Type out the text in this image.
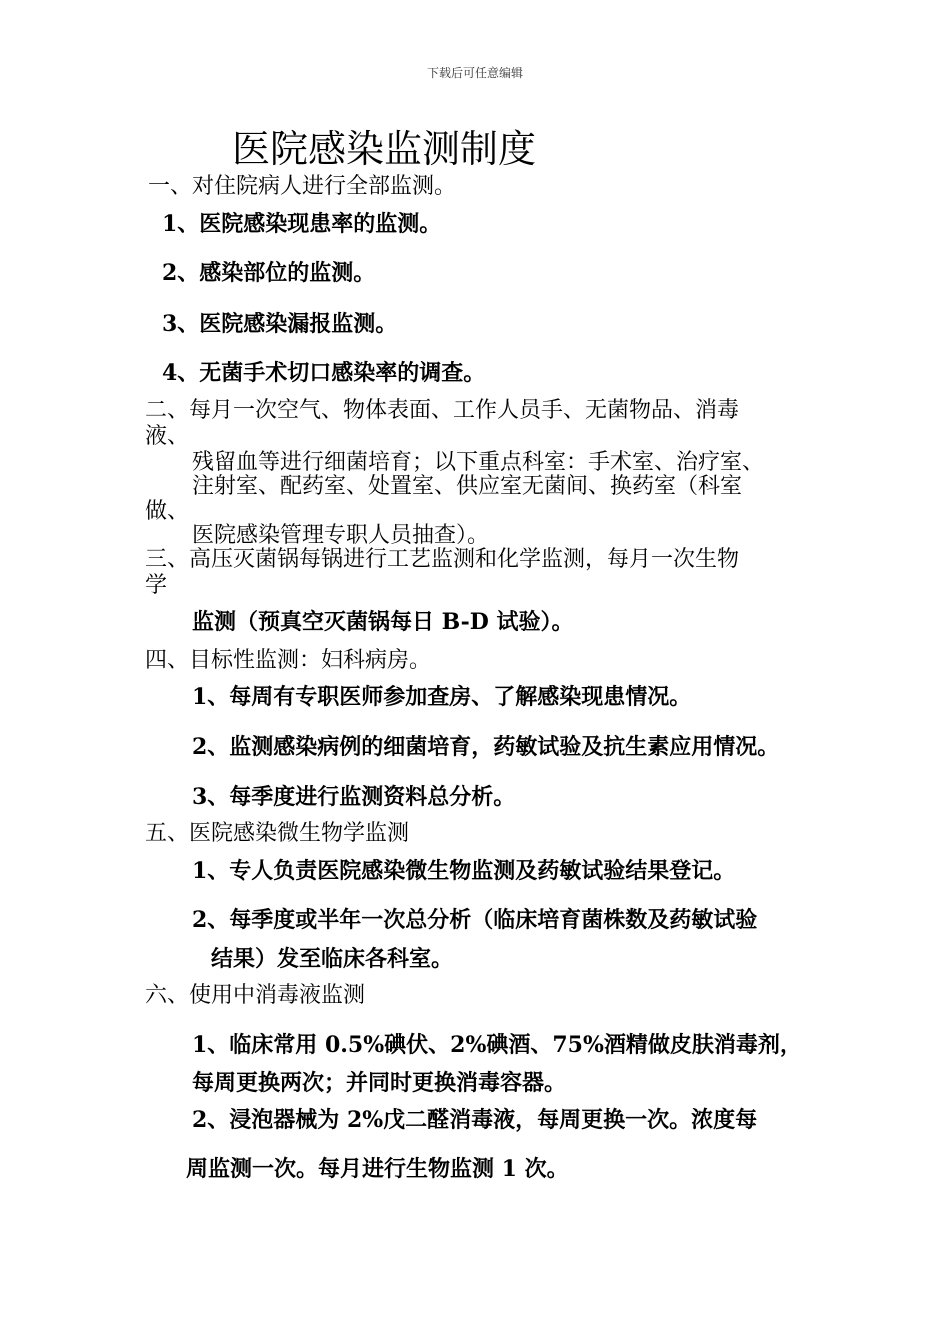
下载后可任意编辑
医院感染监测制度
一、对住院病人进行全部监测。
1、医院感染现患率的监测。
2、感染部位的监测。
3、医院感染漏报监测。
4、无菌手术切口感染率的调查。
二、每月一次空气、物体表面、工作人员手、无菌物品、消毒
液、
残留血等进行细菌培育；以下重点科室：手术室、治疗室、
注射室、配药室、处置室、供应室无菌间、换药室（科室
做、
医院感染管理专职人员抽查）。
三、高压灭菌锅每锅进行工艺监测和化学监测，每月一次生物
学
监测（预真空灭菌锅每日 B-D 试验）。
四、目标性监测：妇科病房。
1、每周有专职医师参加查房、了解感染现患情况。
2、监测感染病例的细菌培育，药敏试验及抗生素应用情况。
3、每季度进行监测资料总分析。
五、医院感染微生物学监测
1、专人负责医院感染微生物监测及药敏试验结果登记。
2、每季度或半年一次总分析（临床培育菌株数及药敏试验
结果）发至临床各科室。
六、使用中消毒液监测
1、临床常用 0.5%碘伏、2%碘酒、75%酒精做皮肤消毒剂，
每周更换两次；并同时更换消毒容器。
2、浸泡器械为 2%戊二醛消毒液，每周更换一次。浓度每
周监测一次。每月进行生物监测 1 次。
